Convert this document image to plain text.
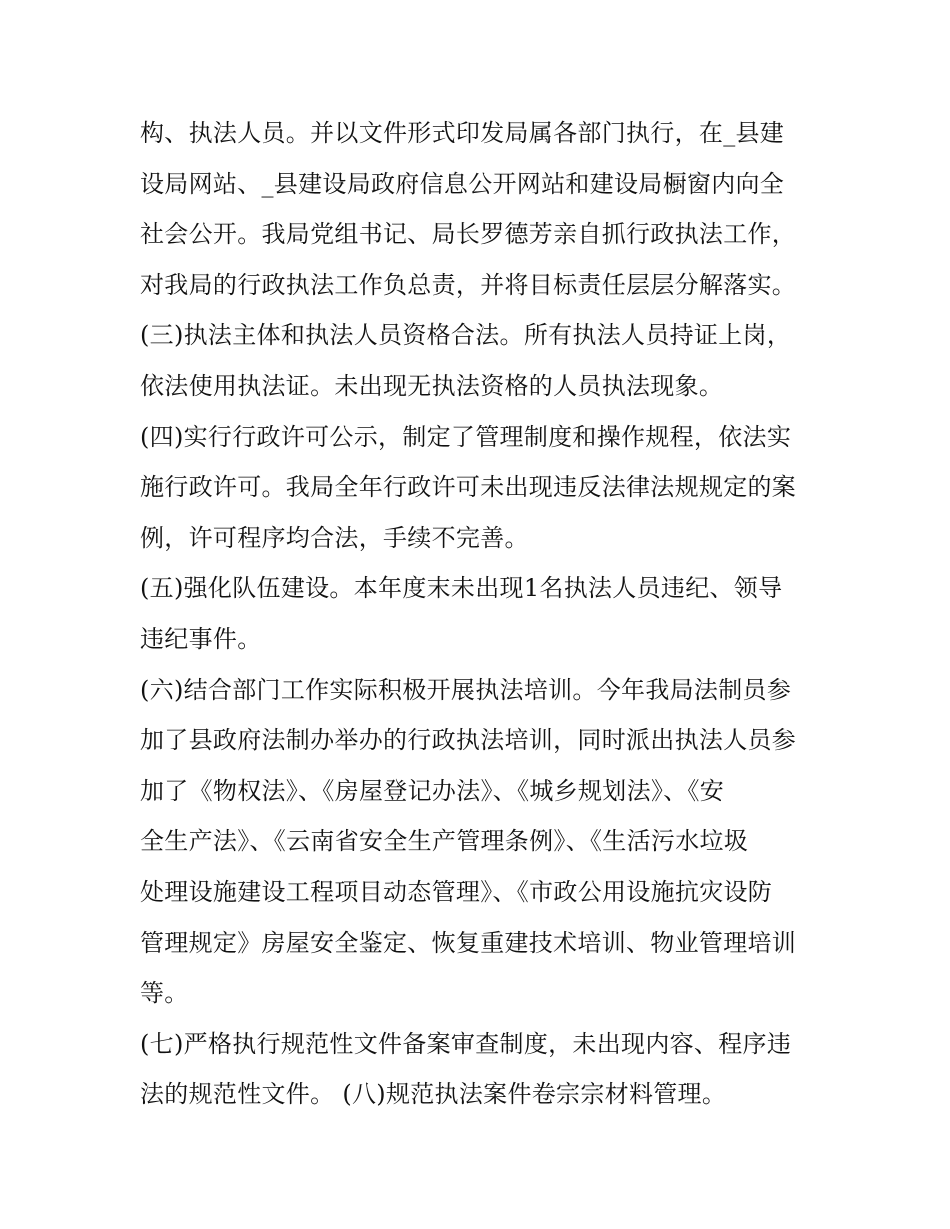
构、执法人员。并以文件形式印发局属各部门执行，在_县建
设局网站、_县建设局政府信息公开网站和建设局橱窗内向全
社会公开。我局党组书记、局长罗德芳亲自抓行政执法工作，
对我局的行政执法工作负总责，并将目标责任层层分解落实。
(三)执法主体和执法人员资格合法。所有执法人员持证上岗，
依法使用执法证。未出现无执法资格的人员执法现象。
(四)实行行政许可公示，制定了管理制度和操作规程，依法实
施行政许可。我局全年行政许可未出现违反法律法规规定的案
例，许可程序均合法，手续不完善。
(五)强化队伍建设。本年度末未出现1名执法人员违纪、领导
违纪事件。
(六)结合部门工作实际积极开展执法培训。今年我局法制员参
加了县政府法制办举办的行政执法培训，同时派出执法人员参
加了《物权法》、《房屋登记办法》、《城乡规划法》、《安
全生产法》、《云南省安全生产管理条例》、《生活污水垃圾
处理设施建设工程项目动态管理》、《市政公用设施抗灾设防
管理规定》房屋安全鉴定、恢复重建技术培训、物业管理培训
等。
(七)严格执行规范性文件备案审查制度，未出现内容、程序违
法的规范性文件。 (八)规范执法案件卷宗宗材料管理。
